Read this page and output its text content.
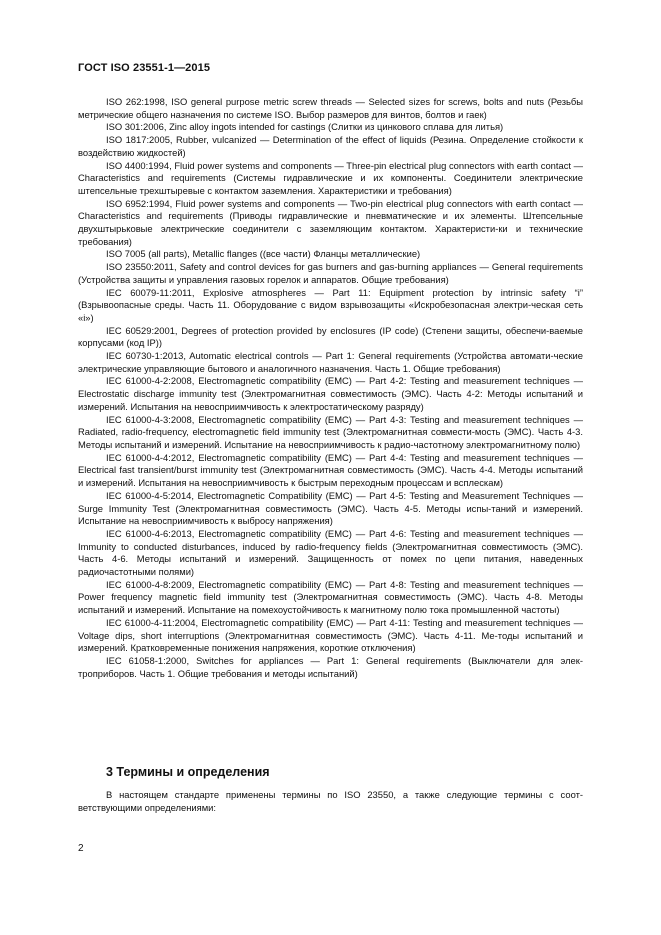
ГОСТ ISO 23551-1—2015

ISO 262:1998, ISO general purpose metric screw threads — Selected sizes for screws, bolts and nuts (Резьбы метрические общего назначения по системе ISO. Выбор размеров для винтов, болтов и гаек)

ISO 301:2006, Zinc alloy ingots intended for castings (Слитки из цинкового сплава для литья)

ISO 1817:2005, Rubber, vulcanized — Determination of the effect of liquids (Резина. Определение стойкости к воздействию жидкостей)

ISO 4400:1994, Fluid power systems and components — Three-pin electrical plug connectors with earth contact — Characteristics and requirements (Системы гидравлические и их компоненты. Соединители электрические штепсельные трехштыревые с контактом заземления. Характеристики и требования)

ISO 6952:1994, Fluid power systems and components — Two-pin electrical plug connectors with earth contact — Characteristics and requirements (Приводы гидравлические и пневматические и их элементы. Штепсельные двухштырьковые электрические соединители с заземляющим контактом. Характеристи-ки и технические требования)

ISO 7005 (all parts), Metallic flanges ((все части) Фланцы металлические)

ISO 23550:2011, Safety and control devices for gas burners and gas-burning appliances — General requirements (Устройства защиты и управления газовых горелок и аппаратов. Общие требования)

IEC 60079-11:2011, Explosive atmospheres — Part 11: Equipment protection by intrinsic safety “i” (Взрывоопасные среды. Часть 11. Оборудование с видом взрывозащиты «Искробезопасная электри-ческая сеть «i»)

IEC 60529:2001, Degrees of protection provided by enclosures (IP code) (Степени защиты, обеспечи-ваемые корпусами (код IP))

IEC 60730-1:2013, Automatic electrical controls — Part 1: General requirements (Устройства автомати-ческие электрические управляющие бытового и аналогичного назначения. Часть 1. Общие требования)

IEC 61000-4-2:2008, Electromagnetic compatibility (EMC) — Part 4-2: Testing and measurement techniques — Electrostatic discharge immunity test (Электромагнитная совместимость (ЭМС). Часть 4-2: Методы испытаний и измерений. Испытания на невосприимчивость к электростатическому разряду)

IEC 61000-4-3:2008, Electromagnetic compatibility (EMC) — Part 4-3: Testing and measurement techniques — Radiated, radio-frequency, electromagnetic field immunity test (Электромагнитная совмести-мость (ЭМС). Часть 4-3. Методы испытаний и измерений. Испытание на невосприимчивость к радио-частотному электромагнитному полю)

IEC 61000-4-4:2012, Electromagnetic compatibility (EMC) — Part 4-4: Testing and measurement techniques — Electrical fast transient/burst immunity test (Электромагнитная совместимость (ЭМС). Часть 4-4. Методы испытаний и измерений. Испытания на невосприимчивость к быстрым переходным процессам и всплескам)

IEC 61000-4-5:2014, Electromagnetic Compatibility (EMC) — Part 4-5: Testing and Measurement Techniques — Surge Immunity Test (Электромагнитная совместимость (ЭМС). Часть 4-5. Методы испы-таний и измерений. Испытание на невосприимчивость к выбросу напряжения)

IEC 61000-4-6:2013, Electromagnetic compatibility (EMC) — Part 4-6: Testing and measurement techniques — Immunity to conducted disturbances, induced by radio-frequency fields (Электромагнитная совместимость (ЭМС). Часть 4-6. Методы испытаний и измерений. Защищенность от помех по цепи питания, наведенных радиочастотными полями)

IEC 61000-4-8:2009, Electromagnetic compatibility (EMC) — Part 4-8: Testing and measurement techniques — Power frequency magnetic field immunity test (Электромагнитная совместимость (ЭМС). Часть 4-8. Методы испытаний и измерений. Испытание на помехоустойчивость к магнитному полю тока промышленной частоты)

IEC 61000-4-11:2004, Electromagnetic compatibility (EMC) — Part 4-11: Testing and measurement techniques — Voltage dips, short interruptions (Электромагнитная совместимость (ЭМС). Часть 4-11. Ме-тоды испытаний и измерений. Кратковременные понижения напряжения, короткие отключения)

IEC 61058-1:2000, Switches for appliances — Part 1: General requirements (Выключатели для элек-троприборов. Часть 1. Общие требования и методы испытаний)

3 Термины и определения

В настоящем стандарте применены термины по ISO 23550, а также следующие термины с соот-ветствующими определениями:

2
